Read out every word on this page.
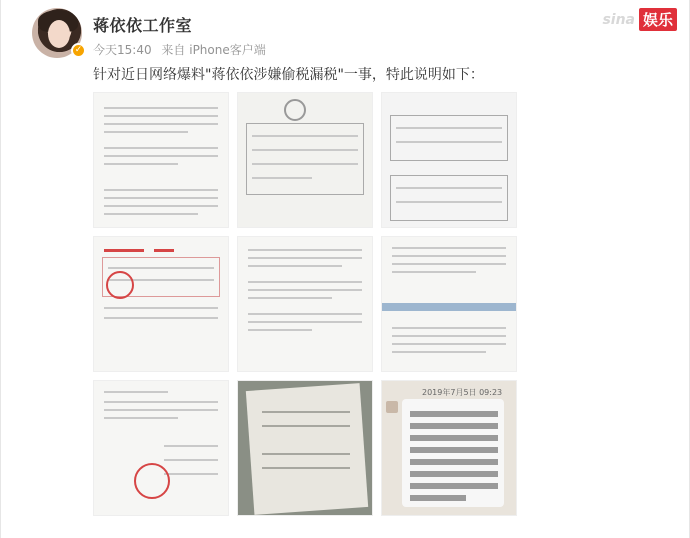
✓
蒋依依工作室
今天15:40 来自 iPhone客户端
sina 娱乐
针对近日网络爆料"蒋依依涉嫌偷税漏税"一事，特此说明如下：
2019年7月5日 09:23
